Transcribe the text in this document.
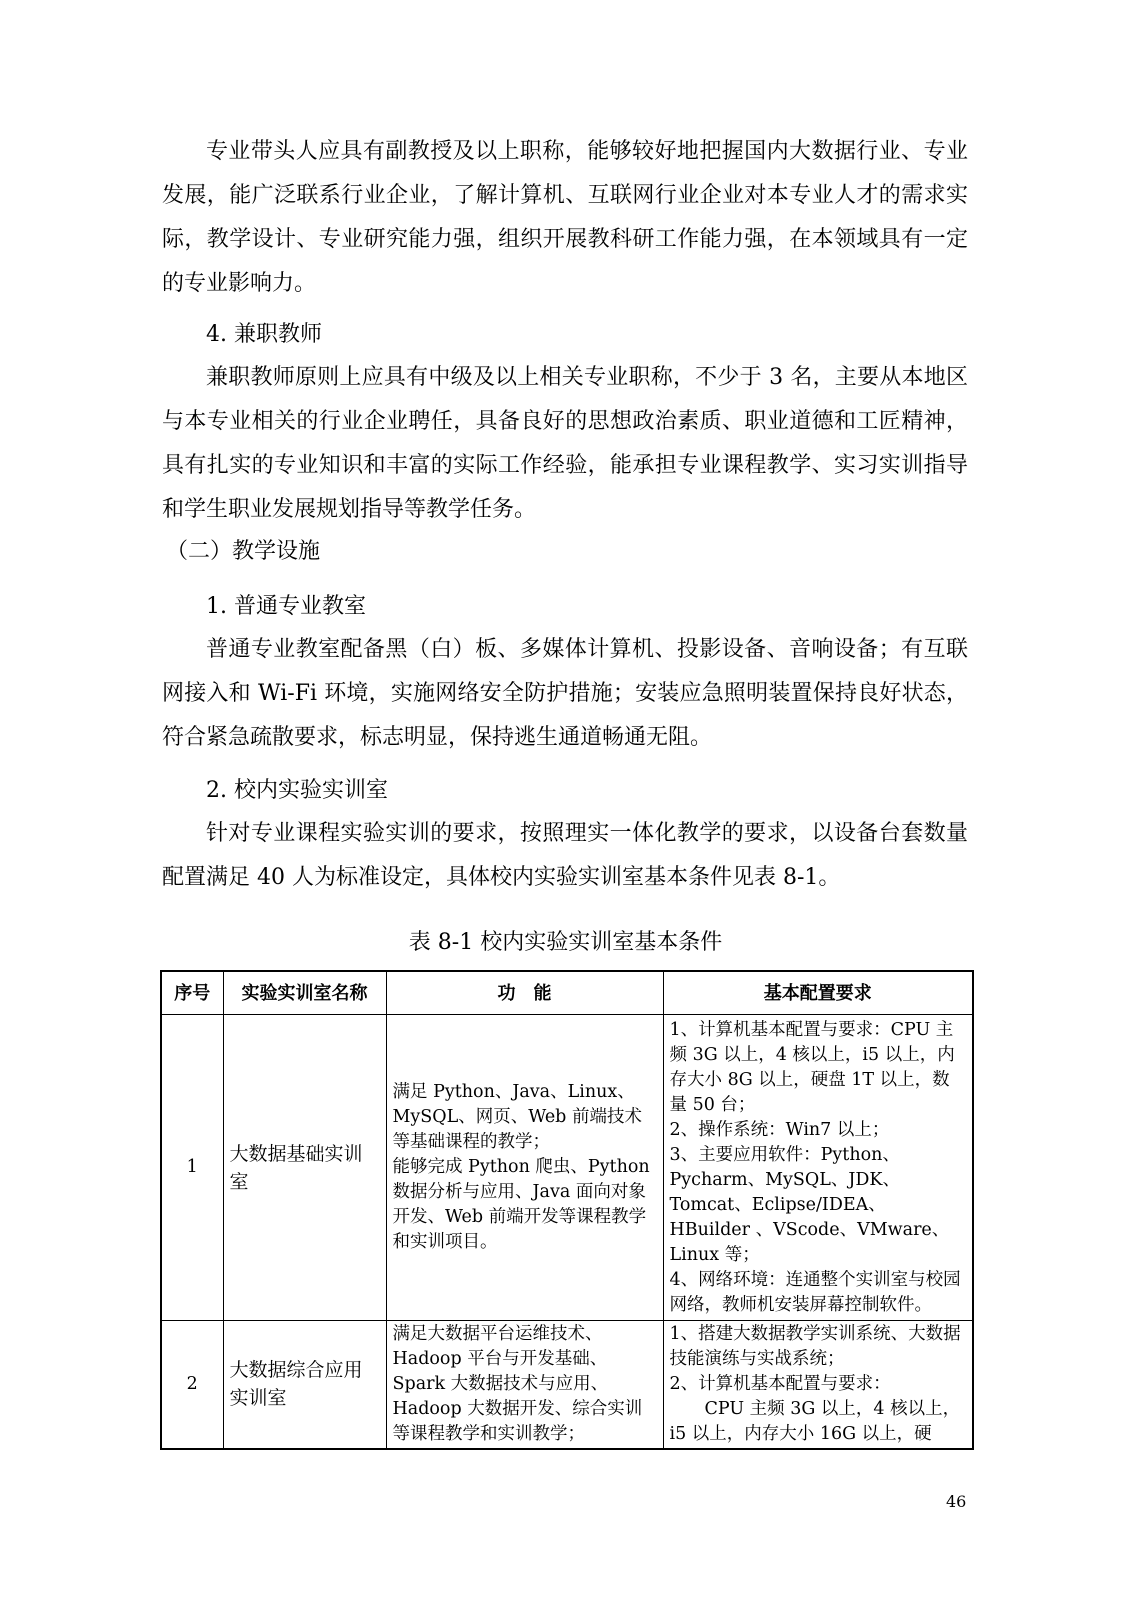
专业带头人应具有副教授及以上职称，能够较好地把握国内大数据行业、专业发展，能广泛联系行业企业，了解计算机、互联网行业企业对本专业人才的需求实际，教学设计、专业研究能力强，组织开展教科研工作能力强，在本领域具有一定的专业影响力。

4. 兼职教师

兼职教师原则上应具有中级及以上相关专业职称，不少于 3 名，主要从本地区与本专业相关的行业企业聘任，具备良好的思想政治素质、职业道德和工匠精神，具有扎实的专业知识和丰富的实际工作经验，能承担专业课程教学、实习实训指导和学生职业发展规划指导等教学任务。

（二）教学设施

1. 普通专业教室

普通专业教室配备黑（白）板、多媒体计算机、投影设备、音响设备；有互联网接入和 Wi-Fi 环境，实施网络安全防护措施；安装应急照明装置保持良好状态，符合紧急疏散要求，标志明显，保持逃生通道畅通无阻。

2. 校内实验实训室

针对专业课程实验实训的要求，按照理实一体化教学的要求，以设备台套数量配置满足 40 人为标准设定，具体校内实验实训室基本条件见表 8-1。

表 8-1 校内实验实训室基本条件

序号	实验实训室名称	功　能	基本配置要求
1	大数据基础实训室	满足 Python、Java、Linux、MySQL、网页、Web 前端技术等基础课程的教学；
能够完成 Python 爬虫、Python 数据分析与应用、Java 面向对象开发、Web 前端开发等课程教学和实训项目。	1、计算机基本配置与要求：CPU 主频 3G 以上，4 核以上，i5 以上，内存大小 8G 以上，硬盘 1T 以上，数量 50 台；
2、操作系统：Win7 以上；
3、主要应用软件：Python、Pycharm、MySQL、JDK、Tomcat、Eclipse/IDEA、HBuilder 、VScode、VMware、Linux 等；
4、网络环境：连通整个实训室与校园网络，教师机安装屏幕控制软件。

2	大数据综合应用实训室	满足大数据平台运维技术、Hadoop 平台与开发基础、Spark 大数据技术与应用、Hadoop 大数据开发、综合实训等课程教学和实训教学；	1、搭建大数据教学实训系统、大数据技能演练与实战系统；
2、计算机基本配置与要求：
CPU 主频 3G 以上，4 核以上，i5 以上，内存大小 16G 以上，硬
46
